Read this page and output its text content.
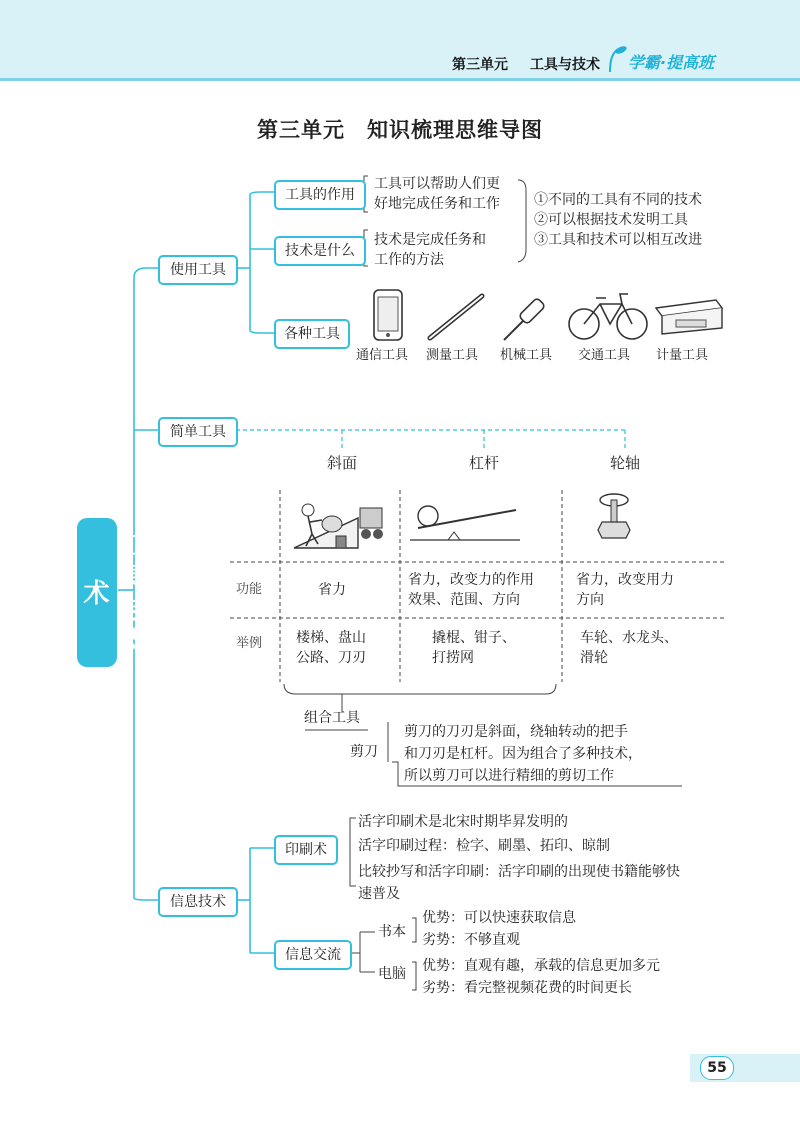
第三单元 工具与技术 学霸·提高班
第三单元　知识梳理思维导图
工具与技术
使用工具
工具的作用
工具可以帮助人们更
好地完成任务和工作
技术是什么
技术是完成任务和
工作的方法
①不同的工具有不同的技术
②可以根据技术发明工具
③工具和技术可以相互改进
各种工具
通信工具 测量工具 机械工具 交通工具 计量工具
简单工具
斜面	杠杆	轮轴
功能
举例
省力
省力，改变力的作用
效果、范围、方向
省力，改变用力
方向
楼梯、盘山
公路、刀刃
撬棍、钳子、
打捞网
车轮、水龙头、
滑轮
组合工具
剪刀
剪刀的刀刃是斜面，绕轴转动的把手
和刀刃是杠杆。因为组合了多种技术，
所以剪刀可以进行精细的剪切工作
信息技术
印刷术
活字印刷术是北宋时期毕昇发明的
活字印刷过程：检字、刷墨、拓印、晾制
比较抄写和活字印刷：活字印刷的出现使书籍能够快
速普及
信息交流
书本
优势：可以快速获取信息
劣势：不够直观
电脑 优势：直观有趣，承载的信息更加多元
劣势：看完整视频花费的时间更长
55
